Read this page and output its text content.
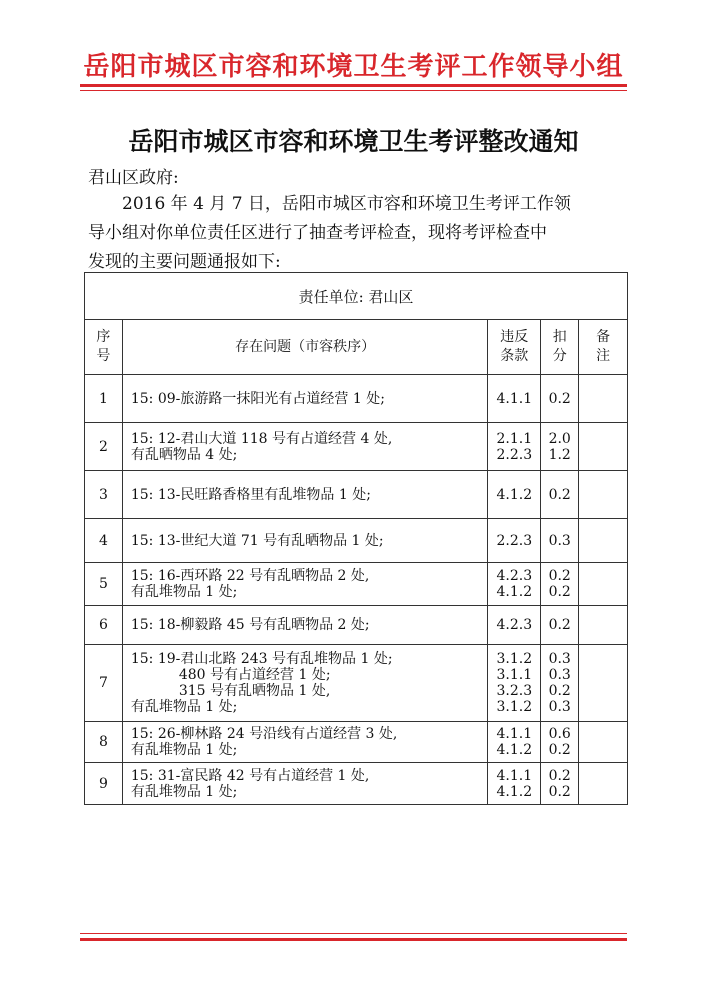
岳阳市城区市容和环境卫生考评工作领导小组
岳阳市城区市容和环境卫生考评整改通知
君山区政府:
2016 年 4 月 7 日，岳阳市城区市容和环境卫生考评工作领
导小组对你单位责任区进行了抽查考评检查，现将考评检查中
发现的主要问题通报如下:
责任单位: 君山区				
序
号	存在问题（市容秩序）	违反
条款	扣
分	备
注
1	15: 09-旅游路一抹阳光有占道经营 1 处;	4.1.1	0.2	

2	15: 12-君山大道 118 号有占道经营 4 处,
有乱晒物品 4 处;	2.1.1
2.2.3	2.0
1.2	

3	15: 13-民旺路香格里有乱堆物品 1 处;	4.1.2	0.2	

4	15: 13-世纪大道 71 号有乱晒物品 1 处;	2.2.3	0.3	

5	15: 16-西环路 22 号有乱晒物品 2 处,
有乱堆物品 1 处;	4.2.3
4.1.2	0.2
0.2	

6	15: 18-柳毅路 45 号有乱晒物品 2 处;	4.2.3	0.2	

7	15: 19-君山北路 243 号有乱堆物品 1 处;
480 号有占道经营 1 处;
315 号有乱晒物品 1 处,
有乱堆物品 1 处;	3.1.2
3.1.1
3.2.3
3.1.2	0.3
0.3
0.2
0.3	

8	15: 26-柳林路 24 号沿线有占道经营 3 处,
有乱堆物品 1 处;	4.1.1
4.1.2	0.6
0.2	

9	15: 31-富民路 42 号有占道经营 1 处,
有乱堆物品 1 处;	4.1.1
4.1.2	0.2
0.2	
